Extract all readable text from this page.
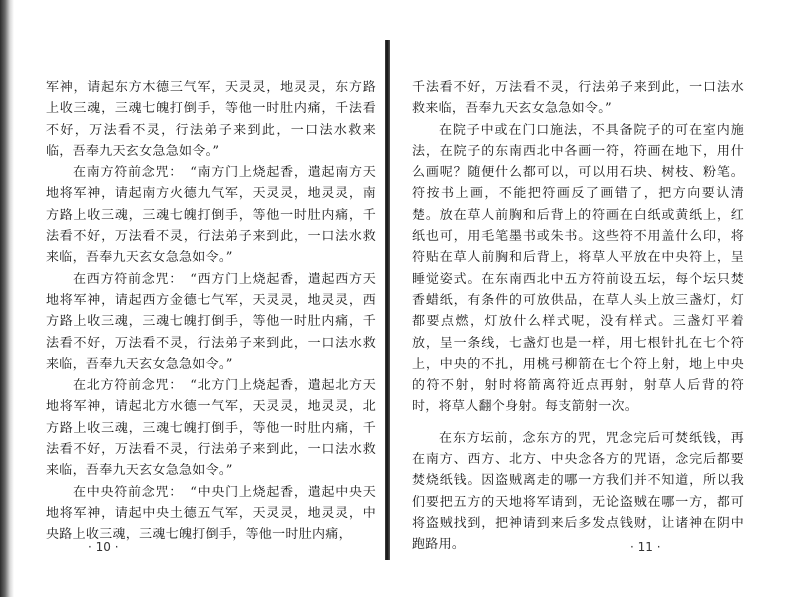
军神，请起东方木德三气军，天灵灵，地灵灵，东方路上收三魂，三魂七魄打倒手，等他一时肚内痛，千法看不好，万法看不灵，行法弟子来到此，一口法水救来临，吾奉九天玄女急急如令。”

在南方符前念咒：　“南方门上烧起香，遣起南方天地将军神，请起南方火德九气军，天灵灵，地灵灵，南方路上收三魂，三魂七魄打倒手，等他一时肚内痛，千法看不好，万法看不灵，行法弟子来到此，一口法水救来临，吾奉九天玄女急急如令。”

在西方符前念咒：　“西方门上烧起香，遣起西方天地将军神，请起西方金德七气军，天灵灵，地灵灵，西方路上收三魂，三魂七魄打倒手，等他一时肚内痛，千法看不好，万法看不灵，行法弟子来到此，一口法水救来临，吾奉九天玄女急急如令。”

在北方符前念咒：　“北方门上烧起香，遣起北方天地将军神，请起北方水德一气军，天灵灵，地灵灵，北方路上收三魂，三魂七魄打倒手，等他一时肚内痛，千法看不好，万法看不灵，行法弟子来到此，一口法水救来临，吾奉九天玄女急急如令。”

在中央符前念咒：　“中央门上烧起香，遣起中央天地将军神，请起中央土德五气军，天灵灵，地灵灵，中央路上收三魂，三魂七魄打倒手，等他一时肚内痛，

· 10 ·

千法看不好，万法看不灵，行法弟子来到此，一口法水救来临，吾奉九天玄女急急如令。”

在院子中或在门口施法，不具备院子的可在室内施法，在院子的东南西北中各画一符，符画在地下，用什么画呢？随便什么都可以，可以用石块、树枝、粉笔。符按书上画，不能把符画反了画错了，把方向要认清楚。放在草人前胸和后背上的符画在白纸或黄纸上，红纸也可，用毛笔墨书或朱书。这些符不用盖什么印，将符贴在草人前胸和后背上，将草人平放在中央符上，呈睡觉姿式。在东南西北中五方符前设五坛，每个坛只焚香蜡纸，有条件的可放供品，在草人头上放三盏灯，灯都要点燃，灯放什么样式呢，没有样式。三盏灯平着放，呈一条线，七盏灯也是一样，用七根针扎在七个符上，中央的不扎，用桃弓柳箭在七个符上射，地上中央的符不射，射时将箭离符近点再射，射草人后背的符时，将草人翻个身射。每支箭射一次。

在东方坛前，念东方的咒，咒念完后可焚纸钱，再在南方、西方、北方、中央念各方的咒语，念完后都要焚烧纸钱。因盗贼离走的哪一方我们并不知道，所以我们要把五方的天地将军请到，无论盗贼在哪一方，都可将盗贼找到，把神请到来后多发点钱财，让诸神在阴中跑路用。	· 11 ·
